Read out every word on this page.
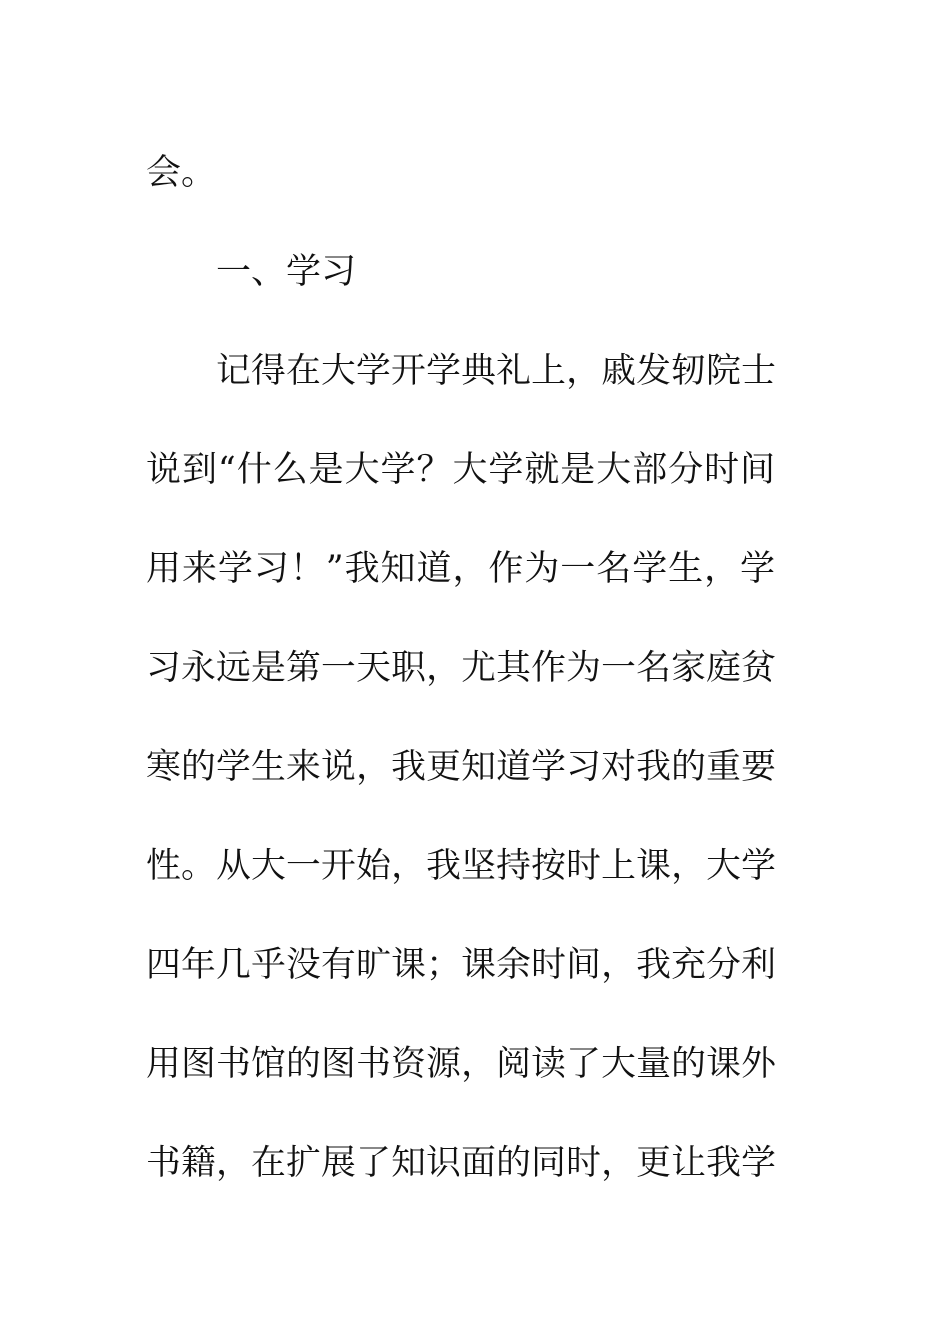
会。
一、学习
记得在大学开学典礼上，戚发轫院士
说到“什么是大学？大学就是大部分时间
用来学习！”我知道，作为一名学生，学
习永远是第一天职，尤其作为一名家庭贫
寒的学生来说，我更知道学习对我的重要
性。从大一开始，我坚持按时上课，大学
四年几乎没有旷课；课余时间，我充分利
用图书馆的图书资源，阅读了大量的课外
书籍，在扩展了知识面的同时，更让我学
